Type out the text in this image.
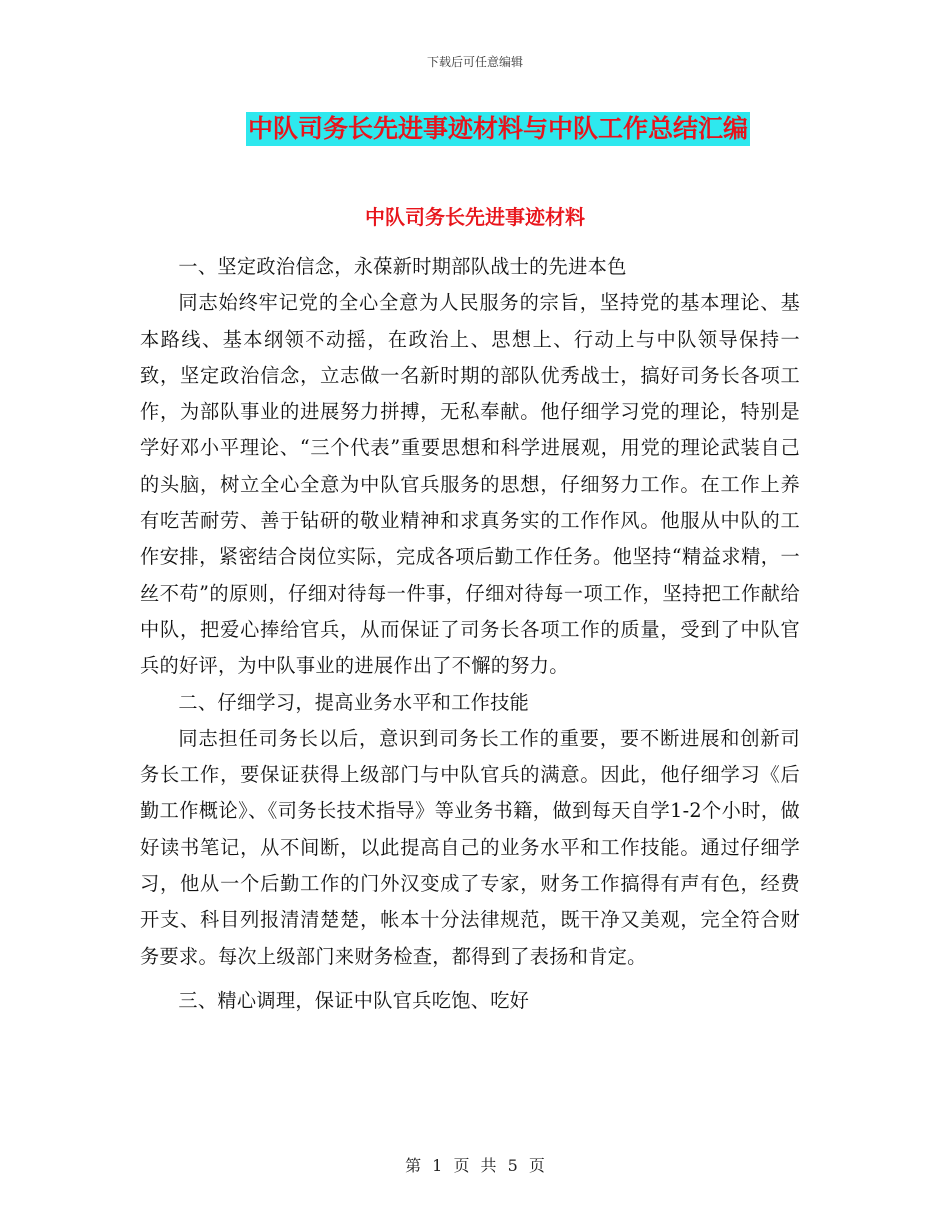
下载后可任意编辑
中队司务长先进事迹材料与中队工作总结汇编
中队司务长先进事迹材料

一、坚定政治信念，永葆新时期部队战士的先进本色

同志始终牢记党的全心全意为人民服务的宗旨，坚持党的基本理论、基本路线、基本纲领不动摇，在政治上、思想上、行动上与中队领导保持一致，坚定政治信念，立志做一名新时期的部队优秀战士，搞好司务长各项工作，为部队事业的进展努力拼搏，无私奉献。他仔细学习党的理论，特别是学好邓小平理论、“三个代表”重要思想和科学进展观，用党的理论武装自己的头脑，树立全心全意为中队官兵服务的思想，仔细努力工作。在工作上养有吃苦耐劳、善于钻研的敬业精神和求真务实的工作作风。他服从中队的工作安排，紧密结合岗位实际，完成各项后勤工作任务。他坚持“精益求精，一丝不苟”的原则，仔细对待每一件事，仔细对待每一项工作，坚持把工作献给中队，把爱心捧给官兵，从而保证了司务长各项工作的质量，受到了中队官兵的好评，为中队事业的进展作出了不懈的努力。

二、仔细学习，提高业务水平和工作技能

同志担任司务长以后，意识到司务长工作的重要，要不断进展和创新司务长工作，要保证获得上级部门与中队官兵的满意。因此，他仔细学习《后勤工作概论》、《司务长技术指导》等业务书籍，做到每天自学1-2个小时，做好读书笔记，从不间断，以此提高自己的业务水平和工作技能。通过仔细学习，他从一个后勤工作的门外汉变成了专家，财务工作搞得有声有色，经费开支、科目列报清清楚楚，帐本十分法律规范，既干净又美观，完全符合财务要求。每次上级部门来财务检查，都得到了表扬和肯定。

三、精心调理，保证中队官兵吃饱、吃好

第 1 页 共 5 页
